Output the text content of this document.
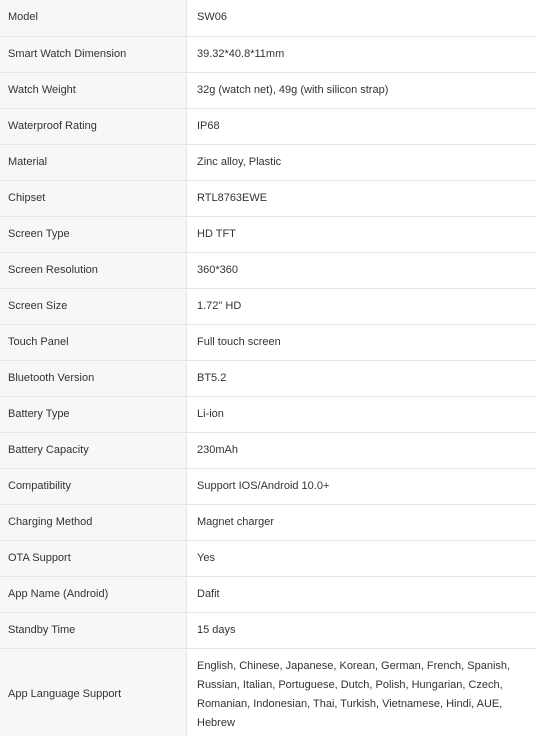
Model	SW06
Smart Watch Dimension	39.32*40.8*11mm
Watch Weight	32g (watch net), 49g (with silicon strap)
Waterproof Rating	IP68
Material	Zinc alloy, Plastic
Chipset	RTL8763EWE
Screen Type	HD TFT
Screen Resolution	360*360
Screen Size	1.72" HD
Touch Panel	Full touch screen
Bluetooth Version	BT5.2
Battery Type	Li-ion
Battery Capacity	230mAh
Compatibility	Support IOS/Android 10.0+
Charging Method	Magnet charger
OTA Support	Yes
App Name (Android)	Dafit
Standby Time	15 days
App Language Support	English, Chinese, Japanese, Korean, German, French, Spanish, Russian, Italian, Portuguese, Dutch, Polish, Hungarian, Czech, Romanian, Indonesian, Thai, Turkish, Vietnamese, Hindi, AUE, Hebrew
